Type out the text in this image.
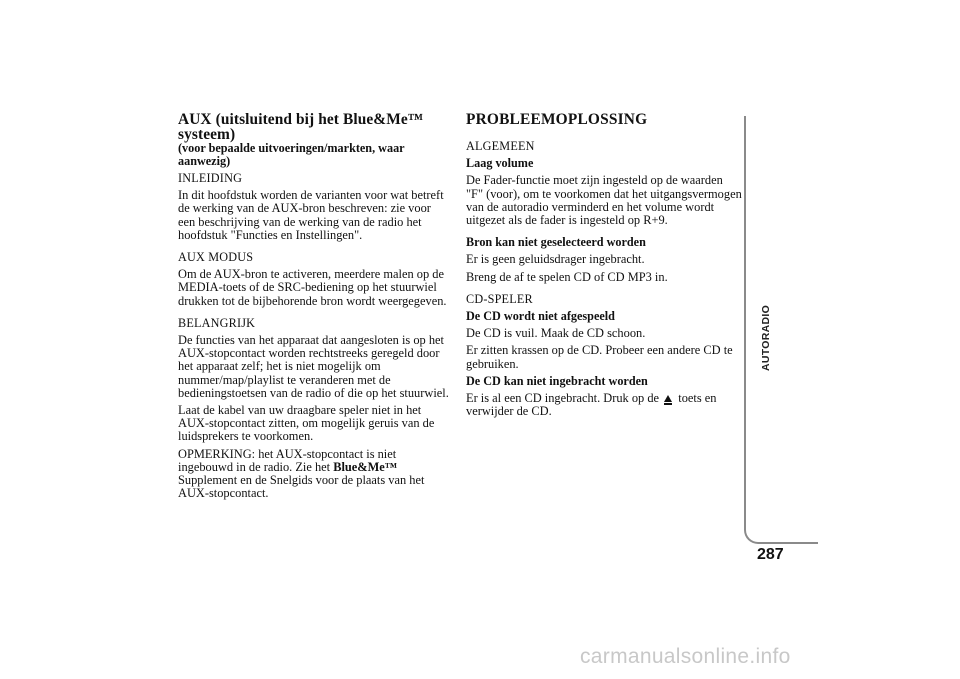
AUX (uitsluitend bij het Blue&Me™ systeem)

(voor bepaalde uitvoeringen/markten, waar aanwezig)

INLEIDING

In dit hoofdstuk worden de varianten voor wat betreft de werking van de AUX-bron beschreven: zie voor een beschrijving van de werking van de radio het hoofdstuk "Functies en Instellingen".

AUX MODUS

Om de AUX-bron te activeren, meerdere malen op de MEDIA-toets of de SRC-bediening op het stuurwiel drukken tot de bijbehorende bron wordt weergegeven.

BELANGRIJK

De functies van het apparaat dat aangesloten is op het AUX-stopcontact worden rechtstreeks geregeld door het apparaat zelf; het is niet mogelijk om nummer/map/playlist te veranderen met de bedieningstoetsen van de radio of die op het stuurwiel.

Laat de kabel van uw draagbare speler niet in het AUX-stopcontact zitten, om mogelijk geruis van de luidsprekers te voorkomen.

OPMERKING: het AUX-stopcontact is niet ingebouwd in de radio. Zie het Blue&Me™ Supplement en de Snelgids voor de plaats van het AUX-stopcontact.

PROBLEEMOPLOSSING

ALGEMEEN

Laag volume

De Fader-functie moet zijn ingesteld op de waarden "F" (voor), om te voorkomen dat het uitgangsvermogen van de autoradio verminderd en het volume wordt uitgezet als de fader is ingesteld op R+9.

Bron kan niet geselecteerd worden

Er is geen geluidsdrager ingebracht.

Breng de af te spelen CD of CD MP3 in.

CD-SPELER

De CD wordt niet afgespeeld

De CD is vuil. Maak de CD schoon.

Er zitten krassen op de CD. Probeer een andere CD te gebruiken.

De CD kan niet ingebracht worden

Er is al een CD ingebracht. Druk op de toets en verwijder de CD.

AUTORADIO
287
carmanualsonline.info
